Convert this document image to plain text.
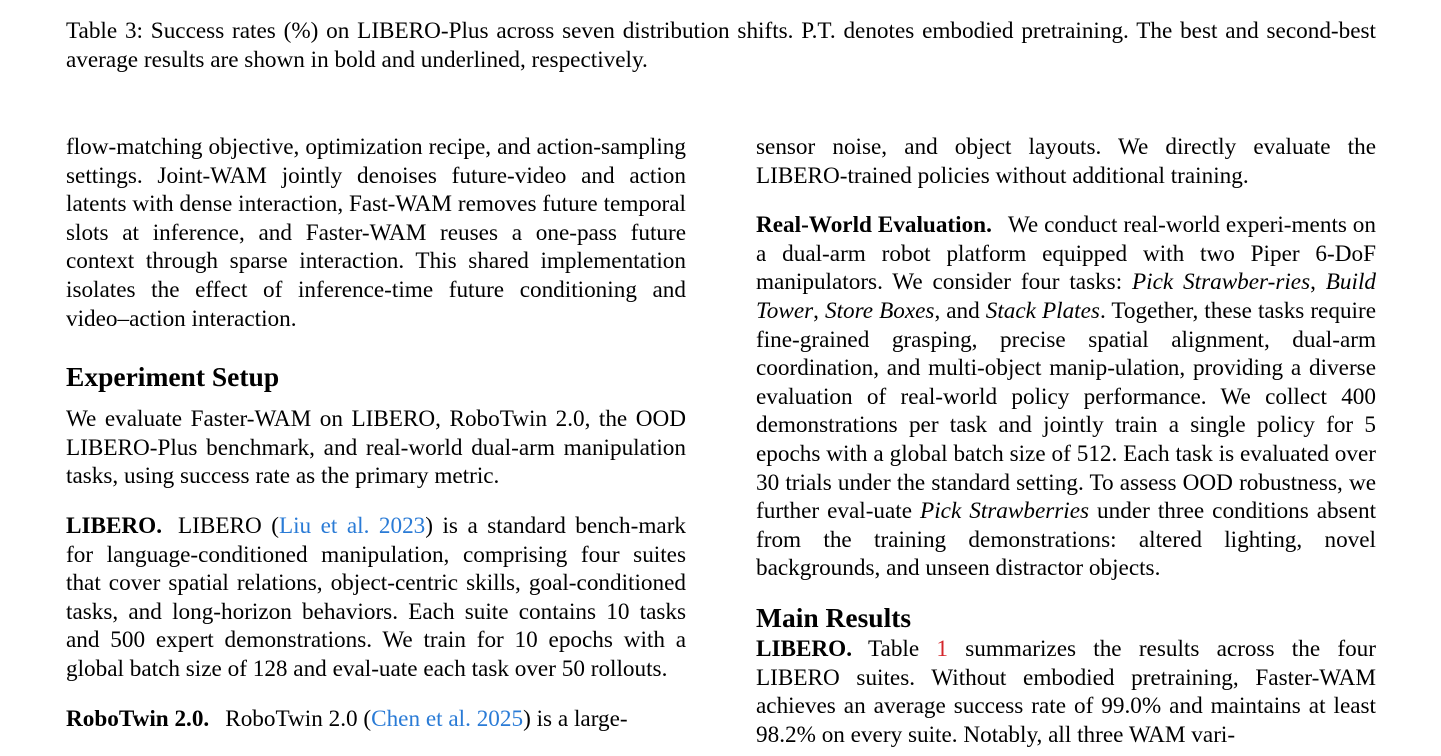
Table 3: Success rates (%) on LIBERO-Plus across seven distribution shifts. P.T. denotes embodied pretraining. The best and second-best average results are shown in bold and underlined, respectively.

flow-matching objective, optimization recipe, and action-sampling settings. Joint-WAM jointly denoises future-video and action latents with dense interaction, Fast-WAM removes future temporal slots at inference, and Faster-WAM reuses a one-pass future context through sparse interaction. This shared implementation isolates the effect of inference-time future conditioning and video–action interaction.

Experiment Setup

We evaluate Faster-WAM on LIBERO, RoboTwin 2.0, the OOD LIBERO-Plus benchmark, and real-world dual-arm manipulation tasks, using success rate as the primary metric.

LIBERO. LIBERO (Liu et al. 2023) is a standard bench-mark for language-conditioned manipulation, comprising four suites that cover spatial relations, object-centric skills, goal-conditioned tasks, and long-horizon behaviors. Each suite contains 10 tasks and 500 expert demonstrations. We train for 10 epochs with a global batch size of 128 and eval-uate each task over 50 rollouts.

RoboTwin 2.0. RoboTwin 2.0 (Chen et al. 2025) is a large-

sensor noise, and object layouts. We directly evaluate the LIBERO-trained policies without additional training.

Real-World Evaluation. We conduct real-world experi-ments on a dual-arm robot platform equipped with two Piper 6-DoF manipulators. We consider four tasks: Pick Strawber-ries, Build Tower, Store Boxes, and Stack Plates. Together, these tasks require fine-grained grasping, precise spatial alignment, dual-arm coordination, and multi-object manip-ulation, providing a diverse evaluation of real-world policy performance. We collect 400 demonstrations per task and jointly train a single policy for 5 epochs with a global batch size of 512. Each task is evaluated over 30 trials under the standard setting. To assess OOD robustness, we further eval-uate Pick Strawberries under three conditions absent from the training demonstrations: altered lighting, novel backgrounds, and unseen distractor objects.

Main Results

LIBERO. Table 1 summarizes the results across the four LIBERO suites. Without embodied pretraining, Faster-WAM achieves an average success rate of 99.0% and maintains at least 98.2% on every suite. Notably, all three WAM vari-
